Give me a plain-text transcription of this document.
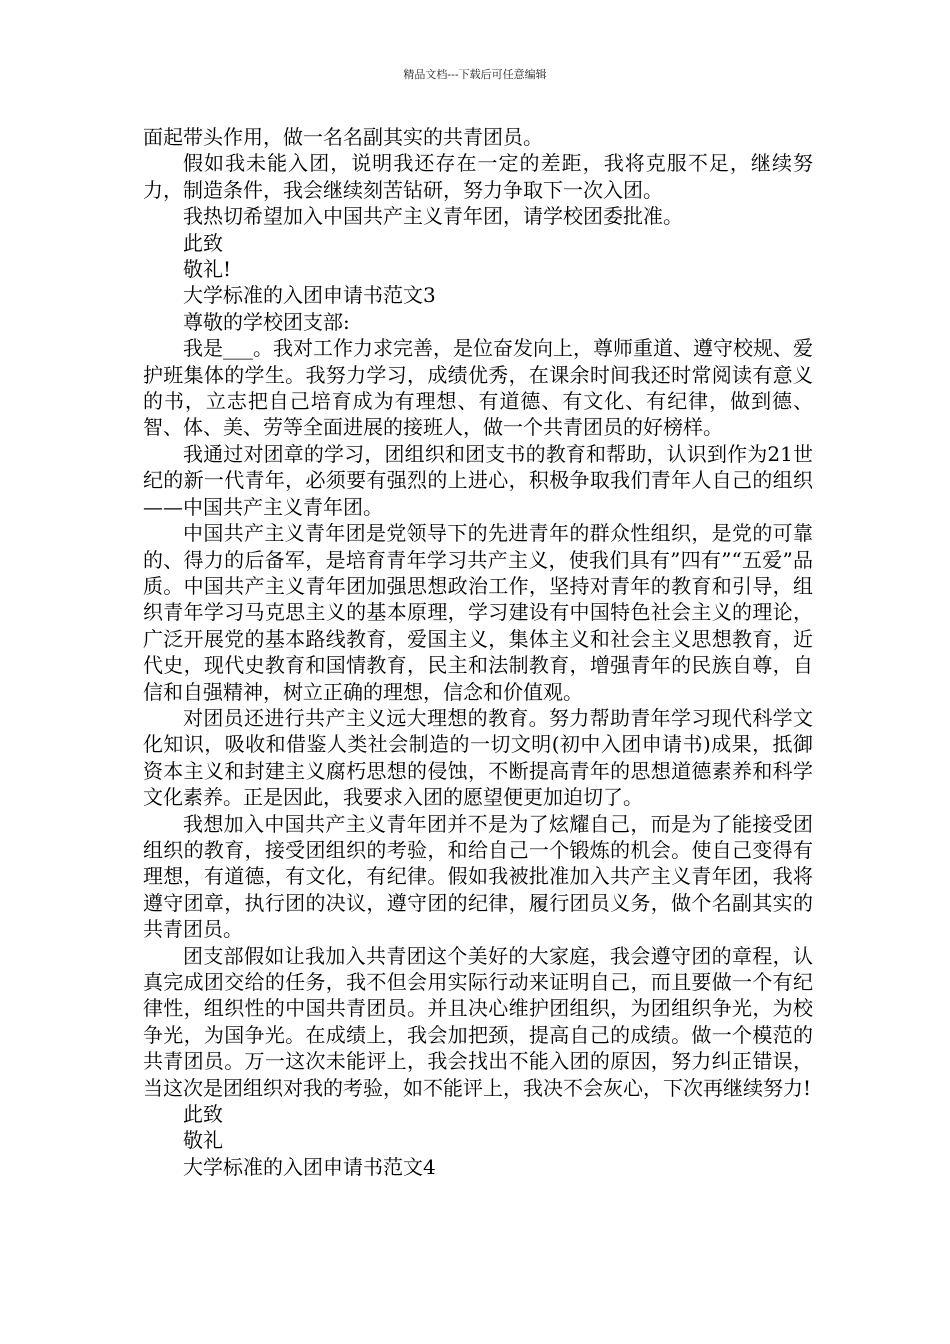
精品文档---下载后可任意编辑

面起带头作用，做一名名副其实的共青团员。

假如我未能入团，说明我还存在一定的差距，我将克服不足，继续努力，制造条件，我会继续刻苦钻研，努力争取下一次入团。

我热切希望加入中国共产主义青年团，请学校团委批准。

此致

敬礼!

大学标准的入团申请书范文3

尊敬的学校团支部:

我是___。我对工作力求完善，是位奋发向上，尊师重道、遵守校规、爱护班集体的学生。我努力学习，成绩优秀，在课余时间我还时常阅读有意义的书，立志把自己培育成为有理想、有道德、有文化、有纪律，做到德、智、体、美、劳等全面进展的接班人，做一个共青团员的好榜样。

我通过对团章的学习，团组织和团支书的教育和帮助，认识到作为21世纪的新一代青年，必须要有强烈的上进心，积极争取我们青年人自己的组织——中国共产主义青年团。

中国共产主义青年团是党领导下的先进青年的群众性组织，是党的可靠的、得力的后备军，是培育青年学习共产主义，使我们具有”四有”“五爱”品质。中国共产主义青年团加强思想政治工作，坚持对青年的教育和引导，组织青年学习马克思主义的基本原理，学习建设有中国特色社会主义的理论，广泛开展党的基本路线教育，爱国主义，集体主义和社会主义思想教育，近代史，现代史教育和国情教育，民主和法制教育，增强青年的民族自尊，自信和自强精神，树立正确的理想，信念和价值观。

对团员还进行共产主义远大理想的教育。努力帮助青年学习现代科学文化知识，吸收和借鉴人类社会制造的一切文明(初中入团申请书)成果，抵御资本主义和封建主义腐朽思想的侵蚀，不断提高青年的思想道德素养和科学文化素养。正是因此，我要求入团的愿望便更加迫切了。

我想加入中国共产主义青年团并不是为了炫耀自己，而是为了能接受团组织的教育，接受团组织的考验，和给自己一个锻炼的机会。使自己变得有理想，有道德，有文化，有纪律。假如我被批准加入共产主义青年团，我将遵守团章，执行团的决议，遵守团的纪律，履行团员义务，做个名副其实的共青团员。

团支部假如让我加入共青团这个美好的大家庭，我会遵守团的章程，认真完成团交给的任务，我不但会用实际行动来证明自己，而且要做一个有纪律性，组织性的中国共青团员。并且决心维护团组织，为团组织争光，为校争光，为国争光。在成绩上，我会加把颈，提高自己的成绩。做一个模范的共青团员。万一这次未能评上，我会找出不能入团的原因，努力纠正错误，当这次是团组织对我的考验，如不能评上，我决不会灰心，下次再继续努力!

此致

敬礼

大学标准的入团申请书范文4
